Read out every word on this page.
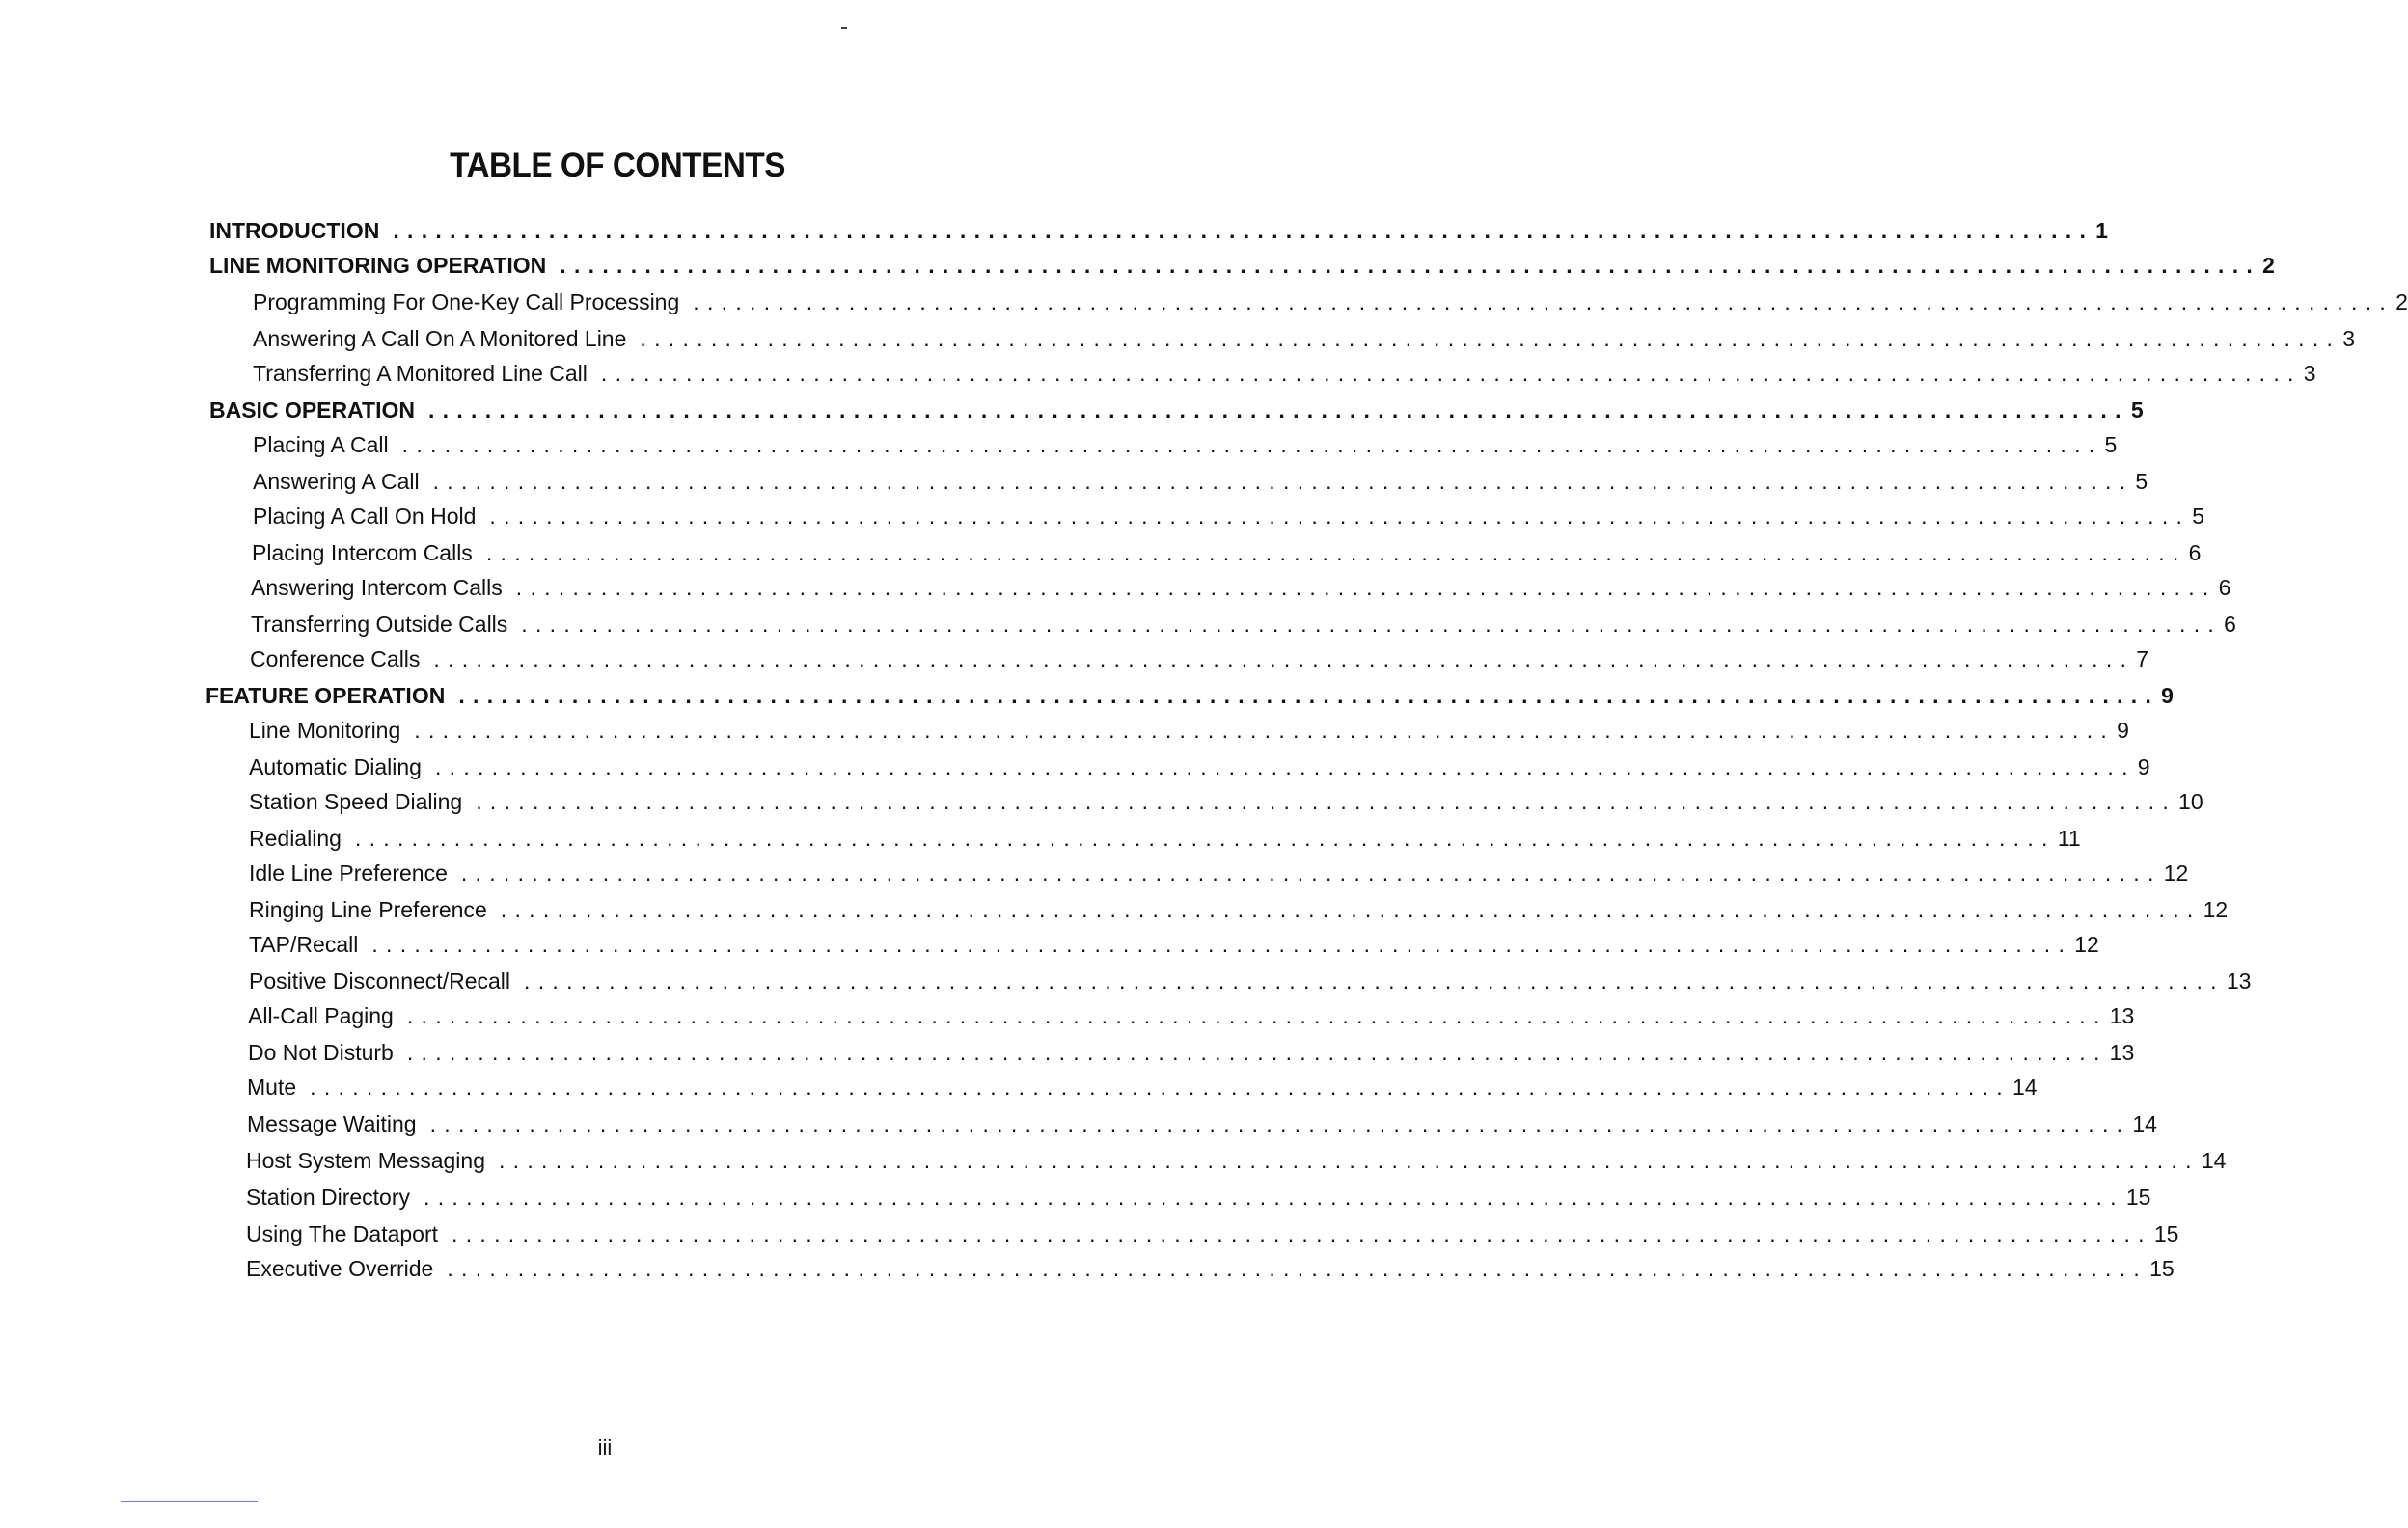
TABLE OF CONTENTS
INTRODUCTION ........................................................................................................................ 1
LINE MONITORING OPERATION ........................................................................................................................ 2
Programming For One-Key Call Processing ........................................................................................................................ 2
Answering A Call On A Monitored Line ........................................................................................................................ 3
Transferring A Monitored Line Call ........................................................................................................................ 3
BASIC OPERATION ........................................................................................................................ 5
Placing A Call ........................................................................................................................ 5
Answering A Call ........................................................................................................................ 5
Placing A Call On Hold ........................................................................................................................ 5
Placing Intercom Calls ........................................................................................................................ 6
Answering Intercom Calls ........................................................................................................................ 6
Transferring Outside Calls ........................................................................................................................ 6
Conference Calls ........................................................................................................................ 7
FEATURE OPERATION ........................................................................................................................ 9
Line Monitoring ........................................................................................................................ 9
Automatic Dialing ........................................................................................................................ 9
Station Speed Dialing ........................................................................................................................ 10
Redialing ........................................................................................................................ 11
Idle Line Preference ........................................................................................................................ 12
Ringing Line Preference ........................................................................................................................ 12
TAP/Recall ........................................................................................................................ 12
Positive Disconnect/Recall ........................................................................................................................ 13
All-Call Paging ........................................................................................................................ 13
Do Not Disturb ........................................................................................................................ 13
Mute ........................................................................................................................ 14
Message Waiting ........................................................................................................................ 14
Host System Messaging ........................................................................................................................ 14
Station Directory ........................................................................................................................ 15
Using The Dataport ........................................................................................................................ 15
Executive Override ........................................................................................................................ 15
iii
